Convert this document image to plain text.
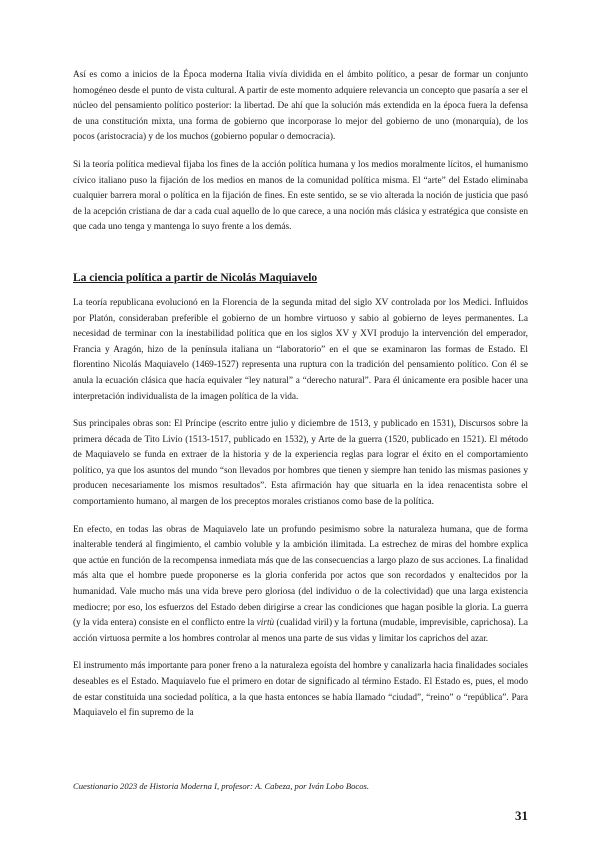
Así es como a inicios de la Época moderna Italia vivía dividida en el ámbito político, a pesar de formar un conjunto homogéneo desde el punto de vista cultural. A partir de este momento adquiere relevancia un concepto que pasaría a ser el núcleo del pensamiento político posterior: la libertad. De ahí que la solución más extendida en la época fuera la defensa de una constitución mixta, una forma de gobierno que incorporase lo mejor del gobierno de uno (monarquía), de los pocos (aristocracia) y de los muchos (gobierno popular o democracia).

Si la teoría política medieval fijaba los fines de la acción política humana y los medios moralmente lícitos, el humanismo cívico italiano puso la fijación de los medios en manos de la comunidad política misma. El “arte” del Estado eliminaba cualquier barrera moral o política en la fijación de fines. En este sentido, se se vio alterada la noción de justicia que pasó de la acepción cristiana de dar a cada cual aquello de lo que carece, a una noción más clásica y estratégica que consiste en que cada uno tenga y mantenga lo suyo frente a los demás.

La ciencia política a partir de Nicolás Maquiavelo

La teoría republicana evolucionó en la Florencia de la segunda mitad del siglo XV controlada por los Medici. Influidos por Platón, consideraban preferible el gobierno de un hombre virtuoso y sabio al gobierno de leyes permanentes. La necesidad de terminar con la inestabilidad política que en los siglos XV y XVI produjo la intervención del emperador, Francia y Aragón, hizo de la península italiana un “laboratorio” en el que se examinaron las formas de Estado. El florentino Nicolás Maquiavelo (1469-1527) representa una ruptura con la tradición del pensamiento político. Con él se anula la ecuación clásica que hacía equivaler “ley natural” a “derecho natural”. Para él únicamente era posible hacer una interpretación individualista de la imagen política de la vida.

Sus principales obras son: El Príncipe (escrito entre julio y diciembre de 1513, y publicado en 1531), Discursos sobre la primera década de Tito Livio (1513-1517, publicado en 1532), y Arte de la guerra (1520, publicado en 1521). El método de Maquiavelo se funda en extraer de la historia y de la experiencia reglas para lograr el éxito en el comportamiento político, ya que los asuntos del mundo “son llevados por hombres que tienen y siempre han tenido las mismas pasiones y producen necesariamente los mismos resultados”. Esta afirmación hay que situarla en la idea renacentista sobre el comportamiento humano, al margen de los preceptos morales cristianos como base de la política.

En efecto, en todas las obras de Maquiavelo late un profundo pesimismo sobre la naturaleza humana, que de forma inalterable tenderá al fingimiento, el cambio voluble y la ambición ilimitada. La estrechez de miras del hombre explica que actúe en función de la recompensa inmediata más que de las consecuencias a largo plazo de sus acciones. La finalidad más alta que el hombre puede proponerse es la gloria conferida por actos que son recordados y enaltecidos por la humanidad. Vale mucho más una vida breve pero gloriosa (del individuo o de la colectividad) que una larga existencia mediocre; por eso, los esfuerzos del Estado deben dirigirse a crear las condiciones que hagan posible la gloria. La guerra (y la vida entera) consiste en el conflicto entre la virtù (cualidad viril) y la fortuna (mudable, imprevisible, caprichosa). La acción virtuosa permite a los hombres controlar al menos una parte de sus vidas y limitar los caprichos del azar.

El instrumento más importante para poner freno a la naturaleza egoísta del hombre y canalizarla hacia finalidades sociales deseables es el Estado. Maquiavelo fue el primero en dotar de significado al término Estado. El Estado es, pues, el modo de estar constituida una sociedad política, a la que hasta entonces se había llamado “ciudad”, “reino” o “república”. Para Maquiavelo el fin supremo de la

Cuestionario 2023 de Historia Moderna I, profesor: A. Cabeza, por Iván Lobo Bocos.
31
